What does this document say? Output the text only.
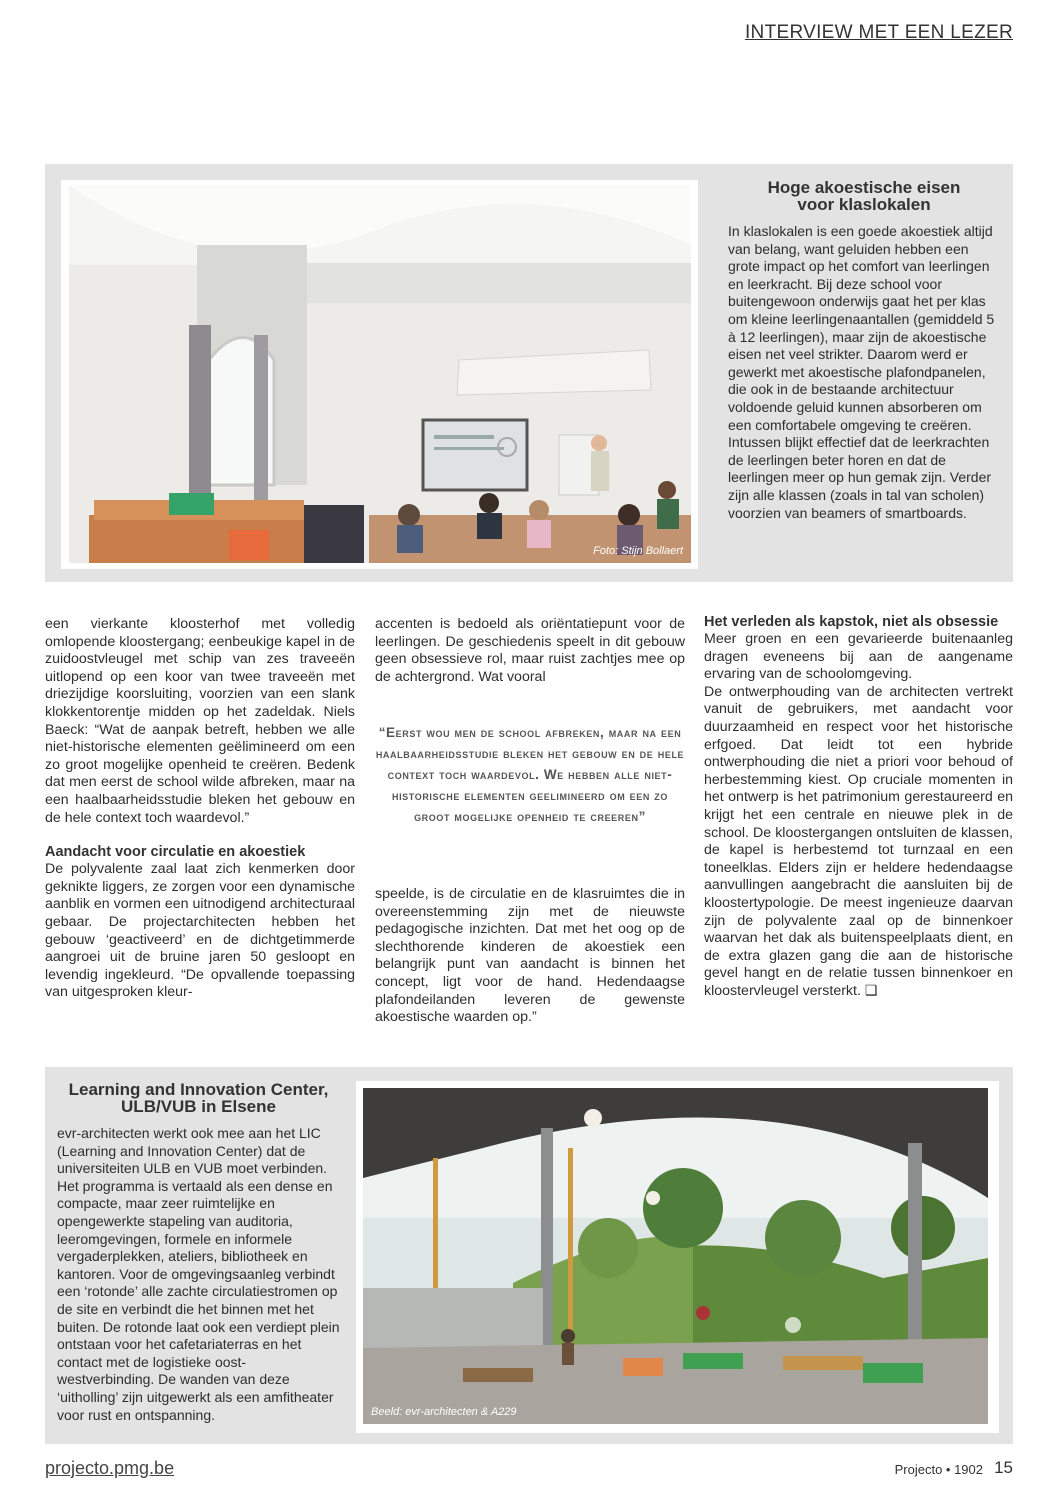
INTERVIEW MET EEN LEZER
Foto: Stijn Bollaert
Hoge akoestische eisen
voor klaslokalen

In klaslokalen is een goede akoestiek altijd van belang, want geluiden hebben een grote impact op het comfort van leerlingen en leerkracht. Bij deze school voor buitengewoon onderwijs gaat het per klas om kleine leerlingenaantallen (gemiddeld 5 à 12 leerlingen), maar zijn de akoestische eisen net veel strikter. Daarom werd er gewerkt met akoestische plafondpanelen, die ook in de bestaande architectuur voldoende geluid kunnen absorberen om een comfortabele omgeving te creëren. Intussen blijkt effectief dat de leerkrachten de leerlingen beter horen en dat de leerlingen meer op hun gemak zijn. Verder zijn alle klassen (zoals in tal van scholen) voorzien van beamers of smartboards.

een vierkante kloosterhof met volledig omlopende kloostergang; eenbeukige kapel in de zuidoostvleugel met schip van zes traveeën uitlopend op een koor van twee traveeën met driezijdige koorsluiting, voorzien van een slank klokkentorentje midden op het zadeldak. Niels Baeck: “Wat de aanpak betreft, hebben we alle niet-historische elementen geëlimineerd om een zo groot mogelijke openheid te creëren. Bedenk dat men eerst de school wilde afbreken, maar na een haalbaarheidsstudie bleken het gebouw en de hele context toch waardevol.”

Aandacht voor circulatie en akoestiek

De polyvalente zaal laat zich kenmerken door geknikte liggers, ze zorgen voor een dynamische aanblik en vormen een uitnodigend architecturaal gebaar. De projectarchitecten hebben het gebouw ‘geactiveerd’ en de dichtgetimmerde aangroei uit de bruine jaren 50 gesloopt en levendig ingekleurd. “De opvallende toepassing van uitgesproken kleur-

accenten is bedoeld als oriëntatiepunt voor de leerlingen. De geschiedenis speelt in dit gebouw geen obsessieve rol, maar ruist zachtjes mee op de achtergrond. Wat vooral

“Eerst wou men de school afbreken, maar na een haalbaarheidsstudie bleken het gebouw en de hele context toch waardevol. We hebben alle niet-historische elementen geelimineerd om een zo groot mogelijke openheid te creeren”

speelde, is de circulatie en de klasruimtes die in overeenstemming zijn met de nieuwste pedagogische inzichten. Dat met het oog op de slechthorende kinderen de akoestiek een belangrijk punt van aandacht is binnen het concept, ligt voor de hand. Hedendaagse plafondeilanden leveren de gewenste akoestische waarden op.”

Het verleden als kapstok, niet als obsessie

Meer groen en een gevarieerde buitenaanleg dragen eveneens bij aan de aangename ervaring van de schoolomgeving.

De ontwerphouding van de architecten vertrekt vanuit de gebruikers, met aandacht voor duurzaamheid en respect voor het historische erfgoed. Dat leidt tot een hybride ontwerphouding die niet a priori voor behoud of herbestemming kiest. Op cruciale momenten in het ontwerp is het patrimonium gerestaureerd en krijgt het een centrale en nieuwe plek in de school. De kloostergangen ontsluiten de klassen, de kapel is herbestemd tot turnzaal en een toneelklas. Elders zijn er heldere hedendaagse aanvullingen aangebracht die aansluiten bij de kloostertypologie. De meest ingenieuze daarvan zijn de polyvalente zaal op de binnenkoer waarvan het dak als buitenspeelplaats dient, en de extra glazen gang die aan de historische gevel hangt en de relatie tussen binnenkoer en kloostervleugel versterkt. ❑

Learning and Innovation Center,
ULB/VUB in Elsene

evr-architecten werkt ook mee aan het LIC (Learning and Innovation Center) dat de universiteiten ULB en VUB moet verbinden. Het programma is vertaald als een dense en compacte, maar zeer ruimtelijke en opengewerkte stapeling van auditoria, leeromgevingen, formele en informele vergaderplekken, ateliers, bibliotheek en kantoren. Voor de omgevingsaanleg verbindt een ‘rotonde’ alle zachte circulatiestromen op de site en verbindt die het binnen met het buiten. De rotonde laat ook een verdiept plein ontstaan voor het cafetariaterras en het contact met de logistieke oost-westverbinding. De wanden van deze ‘uitholling’ zijn uitgewerkt als een amfitheater voor rust en ontspanning.	Beeld: evr-architecten & A229
projecto.pmg.be	Projecto • 1902 15
